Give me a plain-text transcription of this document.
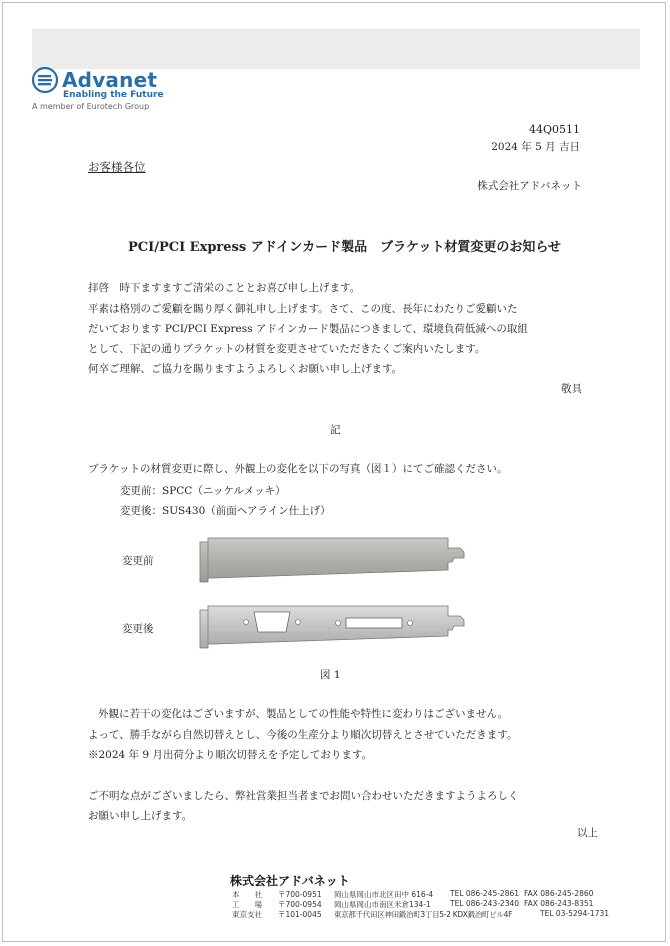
Advanet
Enabling the Future
A member of Eurotech Group
44Q0511
2024 年 5 月 吉日
お客様各位
株式会社アドバネット
PCI/PCI Express アドインカード製品　ブラケット材質変更のお知らせ
拝啓　時下ますますご清栄のこととお喜び申し上げます。
平素は格別のご愛顧を賜り厚く御礼申し上げます。さて、この度、長年にわたりご愛顧いた
だいております PCI/PCI Express アドインカード製品につきまして、環境負荷低減への取組
として、下記の通りブラケットの材質を変更させていただきたくご案内いたします。
何卒ご理解、ご協力を賜りますようよろしくお願い申し上げます。
敬具
記
ブラケットの材質変更に際し、外観上の変化を以下の写真（図１）にてご確認ください。
変更前：SPCC（ニッケルメッキ）
変更後：SUS430（前面ヘアライン仕上げ）
変更前
変更後
図 1
外観に若干の変化はございますが、製品としての性能や特性に変わりはございません。
よって、勝手ながら自然切替えとし、今後の生産分より順次切替えとさせていただきます。
※2024 年 9 月出荷分より順次切替えを予定しております。
ご不明な点がございましたら、弊社営業担当者までお問い合わせいただきますようよろしく
お願い申し上げます。
以上
株式会社アドバネット
本　　社 〒700-0951 岡山県岡山市北区田中 616-4 TEL 086-245-2861 FAX 086-245-2860
工　　場 〒700-0954 岡山県岡山市南区米倉134-1	TEL 086-243-2340 FAX 086-243-8351
東京支社 〒101-0045 東京都千代田区神田鍛冶町3丁目5-2 KDX鍛冶町ビル4F	TEL 03-5294-1731
